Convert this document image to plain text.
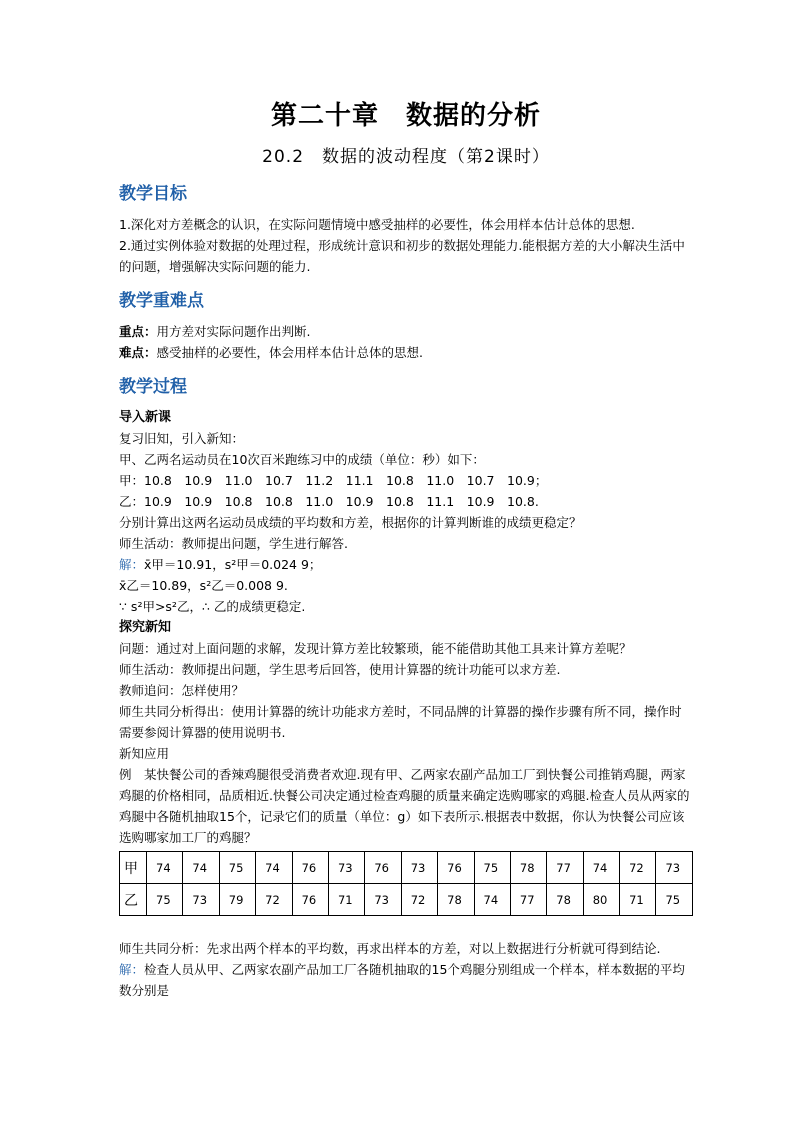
第二十章　数据的分析
20.2　数据的波动程度（第2课时）
教学目标

1.深化对方差概念的认识，在实际问题情境中感受抽样的必要性，体会用样本估计总体的思想.

2.通过实例体验对数据的处理过程，形成统计意识和初步的数据处理能力.能根据方差的大小解决生活中的问题，增强解决实际问题的能力.

教学重难点

重点：用方差对实际问题作出判断.

难点：感受抽样的必要性，体会用样本估计总体的思想.

教学过程
导入新课

复习旧知，引入新知：

甲、乙两名运动员在10次百米跑练习中的成绩（单位：秒）如下：

甲：10.8　10.9　11.0　10.7　11.2　11.1　10.8　11.0　10.7　10.9；

乙：10.9　10.9　10.8　10.8　11.0　10.9　10.8　11.1　10.9　10.8.

分别计算出这两名运动员成绩的平均数和方差，根据你的计算判断谁的成绩更稳定？

师生活动：教师提出问题，学生进行解答.

解：x̄甲＝10.91，s²甲＝0.024 9；

x̄乙＝10.89，s²乙＝0.008 9.

∵ s²甲>s²乙，∴ 乙的成绩更稳定.

探究新知

问题：通过对上面问题的求解，发现计算方差比较繁琐，能不能借助其他工具来计算方差呢？

师生活动：教师提出问题，学生思考后回答，使用计算器的统计功能可以求方差.

教师追问：怎样使用？

师生共同分析得出：使用计算器的统计功能求方差时，不同品牌的计算器的操作步骤有所不同，操作时需要参阅计算器的使用说明书.

新知应用

例　某快餐公司的香辣鸡腿很受消费者欢迎.现有甲、乙两家农副产品加工厂到快餐公司推销鸡腿，两家鸡腿的价格相同，品质相近.快餐公司决定通过检查鸡腿的质量来确定选购哪家的鸡腿.检查人员从两家的鸡腿中各随机抽取15个，记录它们的质量（单位：g）如下表所示.根据表中数据，你认为快餐公司应该选购哪家加工厂的鸡腿？

甲	74	74	75	74	76	73	76	73	76	75	78	77	74	72	73
乙	75	73	79	72	76	71	73	72	78	74	77	78	80	71	75

师生共同分析：先求出两个样本的平均数，再求出样本的方差，对以上数据进行分析就可得到结论.

解：检查人员从甲、乙两家农副产品加工厂各随机抽取的15个鸡腿分别组成一个样本，样本数据的平均数分别是
